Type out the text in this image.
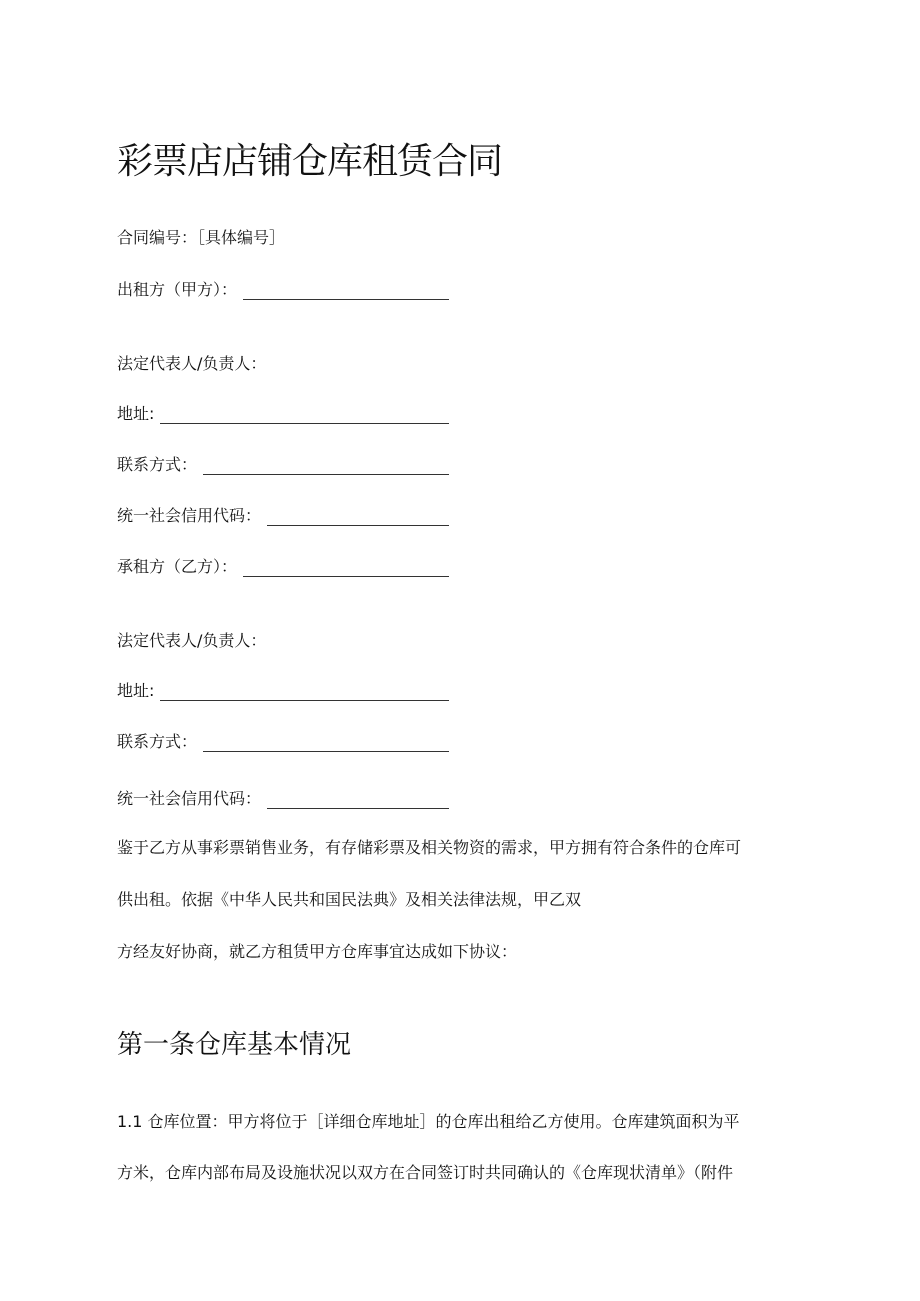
彩票店店铺仓库租赁合同
合同编号：［具体编号］
出租方（甲方）：
法定代表人/负责人：
地址:
联系方式：
统一社会信用代码：
承租方（乙方）：
法定代表人/负责人：
地址:
联系方式：
统一社会信用代码：
鉴于乙方从事彩票销售业务，有存储彩票及相关物资的需求，甲方拥有符合条件的仓库可
供出租。依据《中华人民共和国民法典》及相关法律法规，甲乙双
方经友好协商，就乙方租赁甲方仓库事宜达成如下协议：
第一条仓库基本情况
1.1 仓库位置：甲方将位于［详细仓库地址］的仓库出租给乙方使用。仓库建筑面积为平
方米，仓库内部布局及设施状况以双方在合同签订时共同确认的《仓库现状清单》（附件
